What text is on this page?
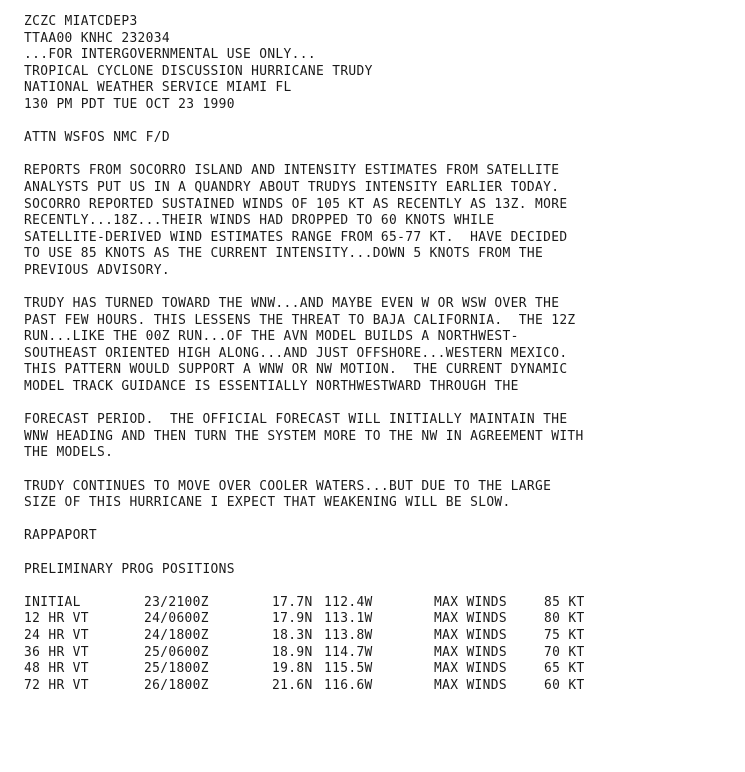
ZCZC MIATCDEP3
TTAA00 KNHC 232034
...FOR INTERGOVERNMENTAL USE ONLY...
TROPICAL CYCLONE DISCUSSION HURRICANE TRUDY
NATIONAL WEATHER SERVICE MIAMI FL
130 PM PDT TUE OCT 23 1990
ATTN WSFOS NMC F/D
REPORTS FROM SOCORRO ISLAND AND INTENSITY ESTIMATES FROM SATELLITE
ANALYSTS PUT US IN A QUANDRY ABOUT TRUDYS INTENSITY EARLIER TODAY.
SOCORRO REPORTED SUSTAINED WINDS OF 105 KT AS RECENTLY AS 13Z. MORE
RECENTLY...18Z...THEIR WINDS HAD DROPPED TO 60 KNOTS WHILE
SATELLITE-DERIVED WIND ESTIMATES RANGE FROM 65-77 KT.  HAVE DECIDED
TO USE 85 KNOTS AS THE CURRENT INTENSITY...DOWN 5 KNOTS FROM THE
PREVIOUS ADVISORY.
TRUDY HAS TURNED TOWARD THE WNW...AND MAYBE EVEN W OR WSW OVER THE
PAST FEW HOURS. THIS LESSENS THE THREAT TO BAJA CALIFORNIA.  THE 12Z
RUN...LIKE THE 00Z RUN...OF THE AVN MODEL BUILDS A NORTHWEST-
SOUTHEAST ORIENTED HIGH ALONG...AND JUST OFFSHORE...WESTERN MEXICO.
THIS PATTERN WOULD SUPPORT A WNW OR NW MOTION.  THE CURRENT DYNAMIC
MODEL TRACK GUIDANCE IS ESSENTIALLY NORTHWESTWARD THROUGH THE
FORECAST PERIOD.  THE OFFICIAL FORECAST WILL INITIALLY MAINTAIN THE
WNW HEADING AND THEN TURN THE SYSTEM MORE TO THE NW IN AGREEMENT WITH
THE MODELS.
TRUDY CONTINUES TO MOVE OVER COOLER WATERS...BUT DUE TO THE LARGE
SIZE OF THIS HURRICANE I EXPECT THAT WEAKENING WILL BE SLOW.
RAPPAPORT
PRELIMINARY PROG POSITIONS
INITIAL	23/2100Z	17.7N	112.4W	MAX WINDS	85 KT
12 HR VT	24/0600Z	17.9N	113.1W	MAX WINDS	80 KT
24 HR VT	24/1800Z	18.3N	113.8W	MAX WINDS	75 KT
36 HR VT	25/0600Z	18.9N	114.7W	MAX WINDS	70 KT
48 HR VT	25/1800Z	19.8N	115.5W	MAX WINDS	65 KT
72 HR VT	26/1800Z	21.6N	116.6W	MAX WINDS	60 KT
